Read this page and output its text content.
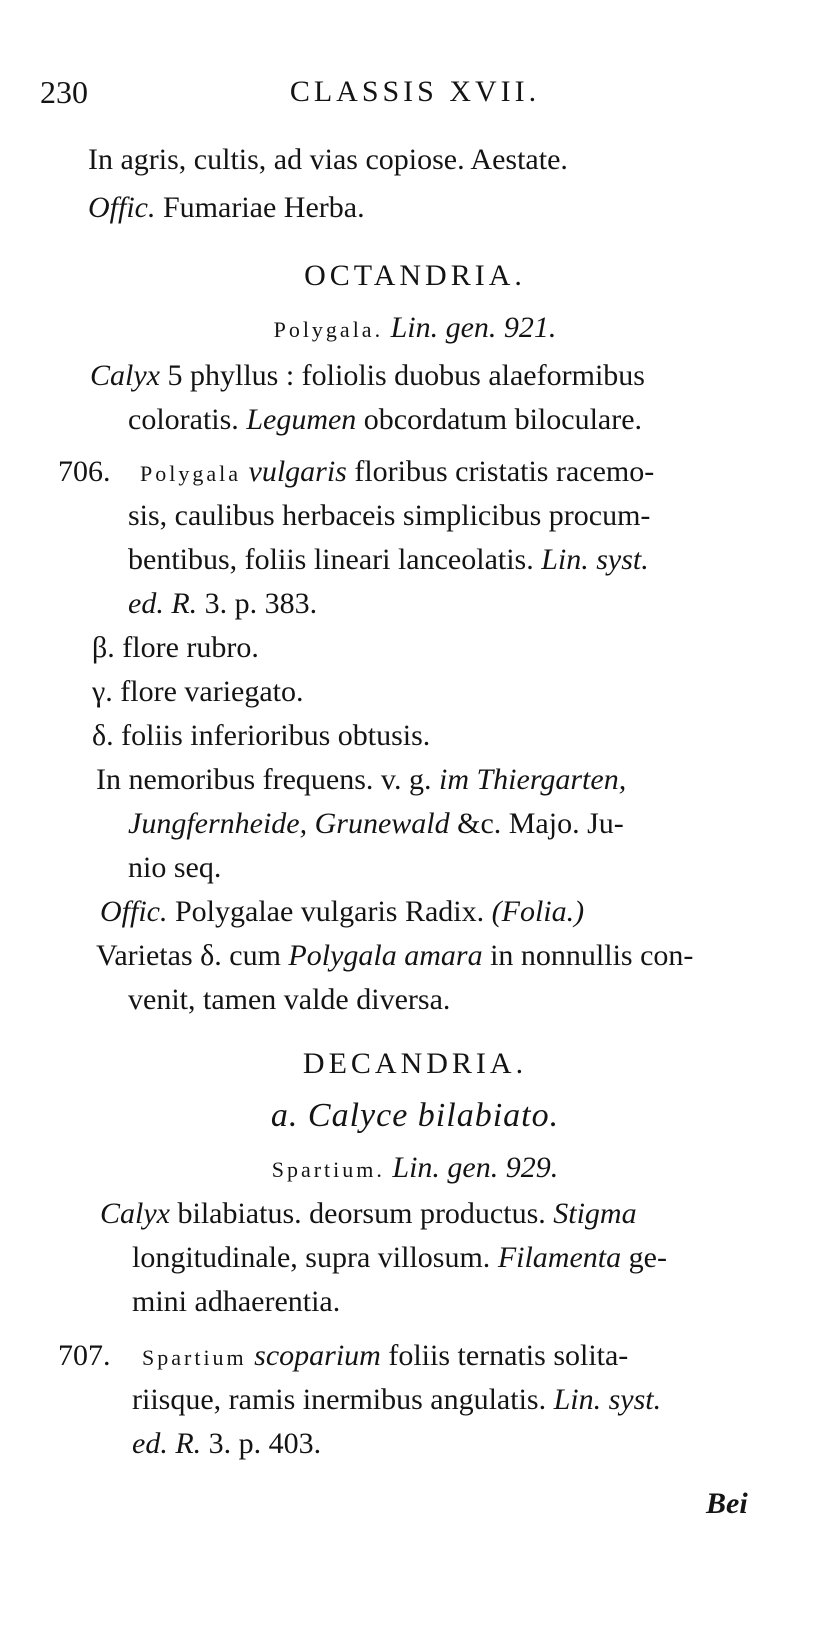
230	CLASSIS XVII.
In agris, cultis, ad vias copiose. Aestate.
Offic. Fumariae Herba.
OCTANDRIA.
Polygala. Lin. gen. 921.
Calyx 5 phyllus : foliolis duobus alaeformibus
coloratis. Legumen obcordatum biloculare.
706. Polygala vulgaris floribus cristatis racemo-
sis, caulibus herbaceis simplicibus procum-
bentibus, foliis lineari lanceolatis. Lin. syst.
ed. R. 3. p. 383.
β. flore rubro.
γ. flore variegato.
δ. foliis inferioribus obtusis.
In nemoribus frequens. v. g. im Thiergarten,
Jungfernheide, Grunewald &c. Majo. Ju-
nio seq.
Offic. Polygalae vulgaris Radix. (Folia.)
Varietas δ. cum Polygala amara in nonnullis con-
venit, tamen valde diversa.
DECANDRIA.
a. Calyce bilabiato.
Spartium. Lin. gen. 929.
Calyx bilabiatus. deorsum productus. Stigma
longitudinale, supra villosum. Filamenta ge-
mini adhaerentia.
707. Spartium scoparium foliis ternatis solita-
riisque, ramis inermibus angulatis. Lin. syst.
ed. R. 3. p. 403.
Bei
